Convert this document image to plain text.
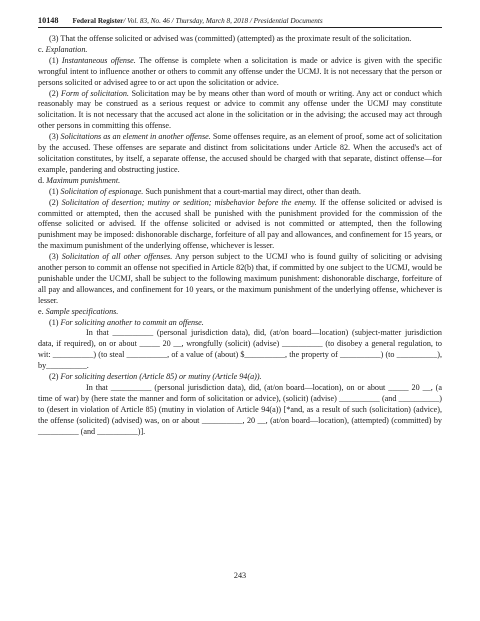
10148 Federal Register / Vol. 83, No. 46 / Thursday, March 8, 2018 / Presidential Documents

(3) That the offense solicited or advised was (committed) (attempted) as the proximate result of the solicitation.

c. Explanation.

(1) Instantaneous offense. The offense is complete when a solicitation is made or advice is given with the specific wrongful intent to influence another or others to commit any offense under the UCMJ. It is not necessary that the person or persons solicited or advised agree to or act upon the solicitation or advice.

(2) Form of solicitation. Solicitation may be by means other than word of mouth or writing. Any act or conduct which reasonably may be construed as a serious request or advice to commit any offense under the UCMJ may constitute solicitation. It is not necessary that the accused act alone in the solicitation or in the advising; the accused may act through other persons in committing this offense.

(3) Solicitations as an element in another offense. Some offenses require, as an element of proof, some act of solicitation by the accused. These offenses are separate and distinct from solicitations under Article 82. When the accused's act of solicitation constitutes, by itself, a separate offense, the accused should be charged with that separate, distinct offense—for example, pandering and obstructing justice.

d. Maximum punishment.

(1) Solicitation of espionage. Such punishment that a court-martial may direct, other than death.

(2) Solicitation of desertion; mutiny or sedition; misbehavior before the enemy. If the offense solicited or advised is committed or attempted, then the accused shall be punished with the punishment provided for the commission of the offense solicited or advised. If the offense solicited or advised is not committed or attempted, then the following punishment may be imposed: dishonorable discharge, forfeiture of all pay and allowances, and confinement for 15 years, or the maximum punishment of the underlying offense, whichever is lesser.

(3) Solicitation of all other offenses. Any person subject to the UCMJ who is found guilty of soliciting or advising another person to commit an offense not specified in Article 82(b) that, if committed by one subject to the UCMJ, would be punishable under the UCMJ, shall be subject to the following maximum punishment: dishonorable discharge, forfeiture of all pay and allowances, and confinement for 10 years, or the maximum punishment of the underlying offense, whichever is lesser.

e. Sample specifications.

(1) For soliciting another to commit an offense.

In that __________ (personal jurisdiction data), did, (at/on board—location) (subject-matter jurisdiction data, if required), on or about _____ 20 __, wrongfully (solicit) (advise) __________ (to disobey a general regulation, to wit: __________) (to steal __________, of a value of (about) $__________, the property of __________) (to __________), by__________.

(2) For soliciting desertion (Article 85) or mutiny (Article 94(a)).

In that __________ (personal jurisdiction data), did, (at/on board—location), on or about _____ 20 __, (a time of war) by (here state the manner and form of solicitation or advice), (solicit) (advise) __________ (and __________) to (desert in violation of Article 85) (mutiny in violation of Article 94(a)) [*and, as a result of such (solicitation) (advice), the offense (solicited) (advised) was, on or about __________, 20 __, (at/on board—location), (attempted) (committed) by __________ (and __________)].

243
